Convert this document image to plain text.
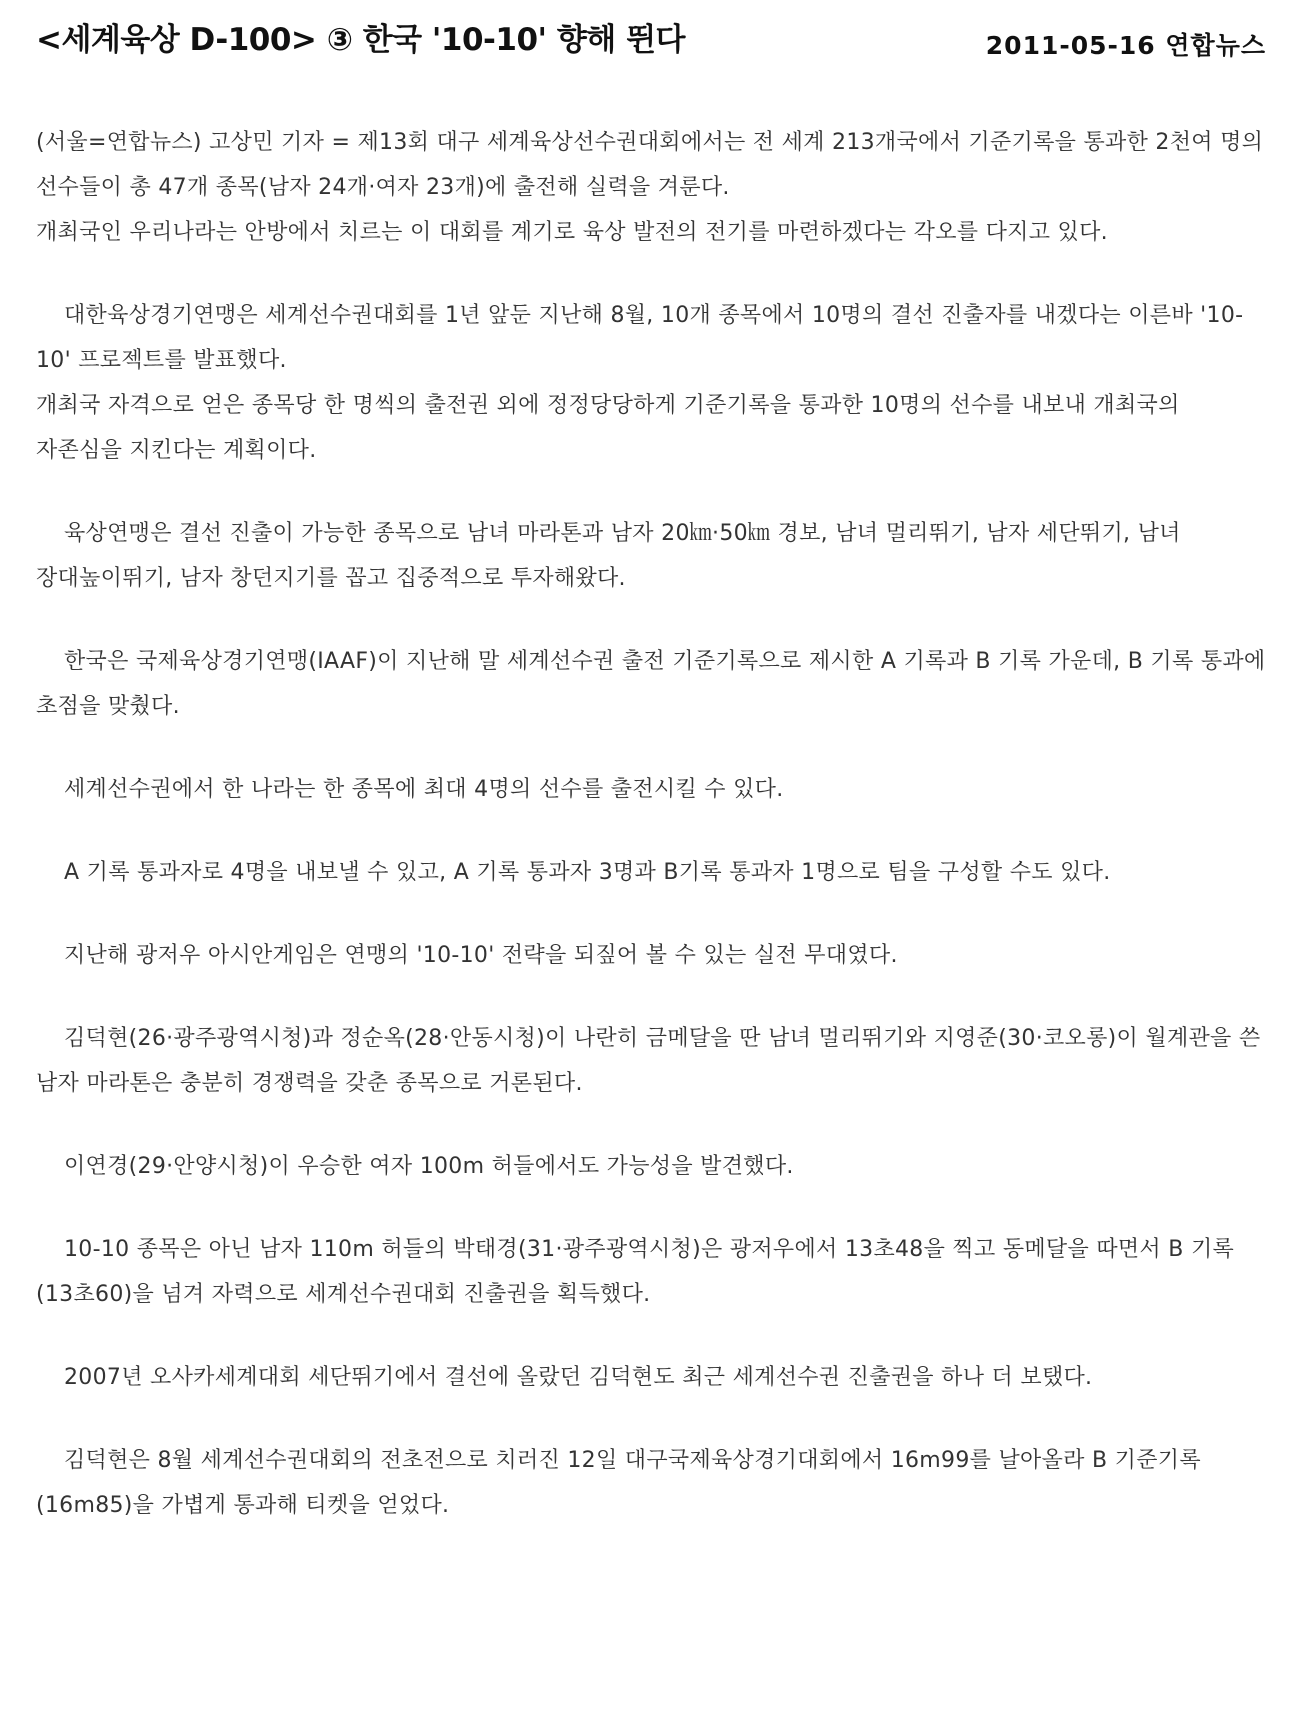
<세계육상 D-100> ③ 한국 '10-10' 향해 뛴다	2011-05-16 연합뉴스

(서울=연합뉴스) 고상민 기자 = 제13회 대구 세계육상선수권대회에서는 전 세계 213개국에서 기준기록을 통과한 2천여 명의 선수들이 총 47개 종목(남자 24개·여자 23개)에 출전해 실력을 겨룬다.
개최국인 우리나라는 안방에서 치르는 이 대회를 계기로 육상 발전의 전기를 마련하겠다는 각오를 다지고 있다.

대한육상경기연맹은 세계선수권대회를 1년 앞둔 지난해 8월, 10개 종목에서 10명의 결선 진출자를 내겠다는 이른바 '10-10' 프로젝트를 발표했다.
개최국 자격으로 얻은 종목당 한 명씩의 출전권 외에 정정당당하게 기준기록을 통과한 10명의 선수를 내보내 개최국의 자존심을 지킨다는 계획이다.

육상연맹은 결선 진출이 가능한 종목으로 남녀 마라톤과 남자 20㎞·50㎞ 경보, 남녀 멀리뛰기, 남자 세단뛰기, 남녀 장대높이뛰기, 남자 창던지기를 꼽고 집중적으로 투자해왔다.

한국은 국제육상경기연맹(IAAF)이 지난해 말 세계선수권 출전 기준기록으로 제시한 A 기록과 B 기록 가운데, B 기록 통과에 초점을 맞췄다.

세계선수권에서 한 나라는 한 종목에 최대 4명의 선수를 출전시킬 수 있다.

A 기록 통과자로 4명을 내보낼 수 있고, A 기록 통과자 3명과 B기록 통과자 1명으로 팀을 구성할 수도 있다.

지난해 광저우 아시안게임은 연맹의 '10-10' 전략을 되짚어 볼 수 있는 실전 무대였다.

김덕현(26·광주광역시청)과 정순옥(28·안동시청)이 나란히 금메달을 딴 남녀 멀리뛰기와 지영준(30·코오롱)이 월계관을 쓴 남자 마라톤은 충분히 경쟁력을 갖춘 종목으로 거론된다.

이연경(29·안양시청)이 우승한 여자 100m 허들에서도 가능성을 발견했다.

10-10 종목은 아닌 남자 110m 허들의 박태경(31·광주광역시청)은 광저우에서 13초48을 찍고 동메달을 따면서 B 기록(13초60)을 넘겨 자력으로 세계선수권대회 진출권을 획득했다.

2007년 오사카세계대회 세단뛰기에서 결선에 올랐던 김덕현도 최근 세계선수권 진출권을 하나 더 보탰다.

김덕현은 8월 세계선수권대회의 전초전으로 치러진 12일 대구국제육상경기대회에서 16m99를 날아올라 B 기준기록(16m85)을 가볍게 통과해 티켓을 얻었다.
